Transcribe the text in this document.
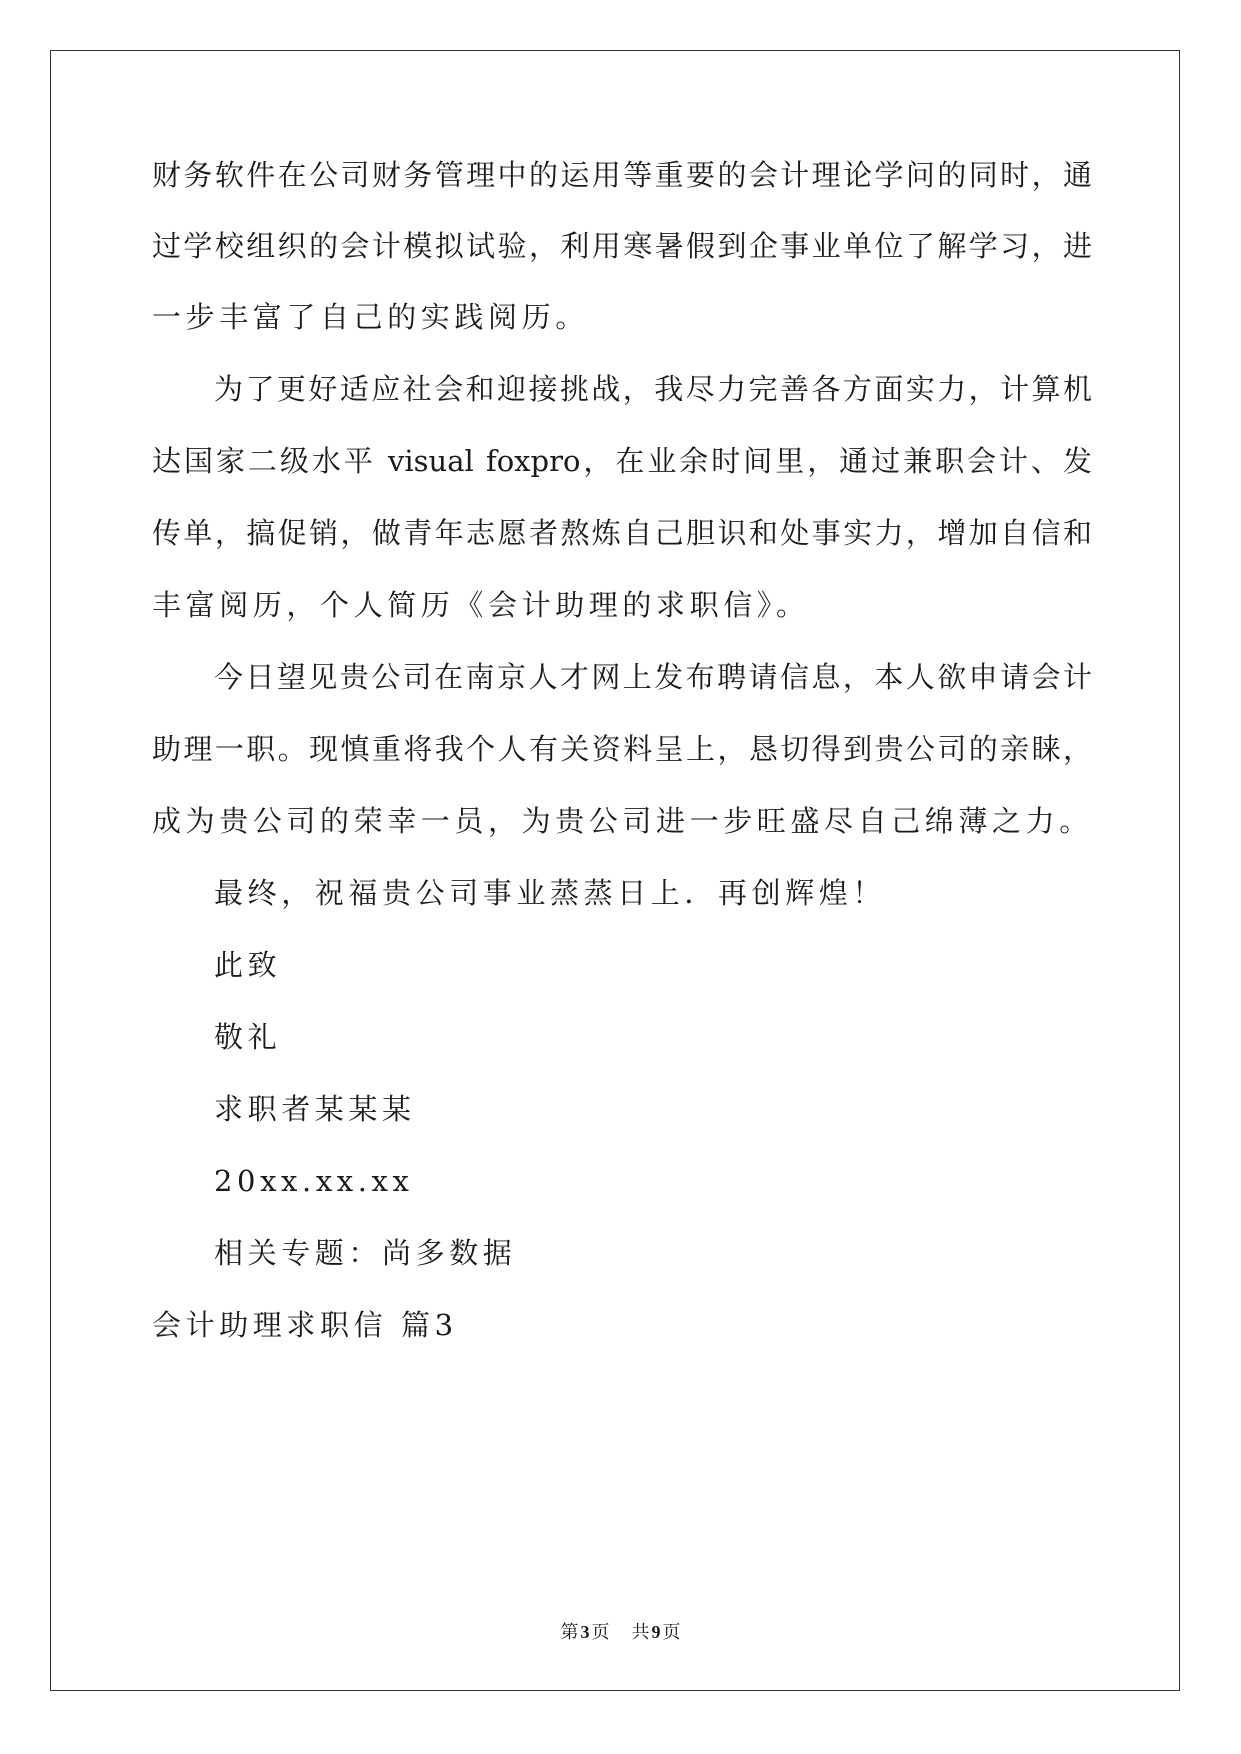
财务软件在公司财务管理中的运用等重要的会计理论学问的同时，通
过学校组织的会计模拟试验，利用寒暑假到企事业单位了解学习，进
一步丰富了自己的实践阅历。
为了更好适应社会和迎接挑战，我尽力完善各方面实力，计算机
达国家二级水平 visual foxpro，在业余时间里，通过兼职会计、发
传单，搞促销，做青年志愿者熬炼自己胆识和处事实力，增加自信和
丰富阅历，个人简历《会计助理的求职信》。
今日望见贵公司在南京人才网上发布聘请信息，本人欲申请会计
助理一职。现慎重将我个人有关资料呈上，恳切得到贵公司的亲睐，
成为贵公司的荣幸一员，为贵公司进一步旺盛尽自己绵薄之力。
最终，祝福贵公司事业蒸蒸日上．再创辉煌！
此致
敬礼
求职者某某某
20xx.xx.xx
相关专题：尚多数据
会计助理求职信 篇3
第 3 页 共 9 页
